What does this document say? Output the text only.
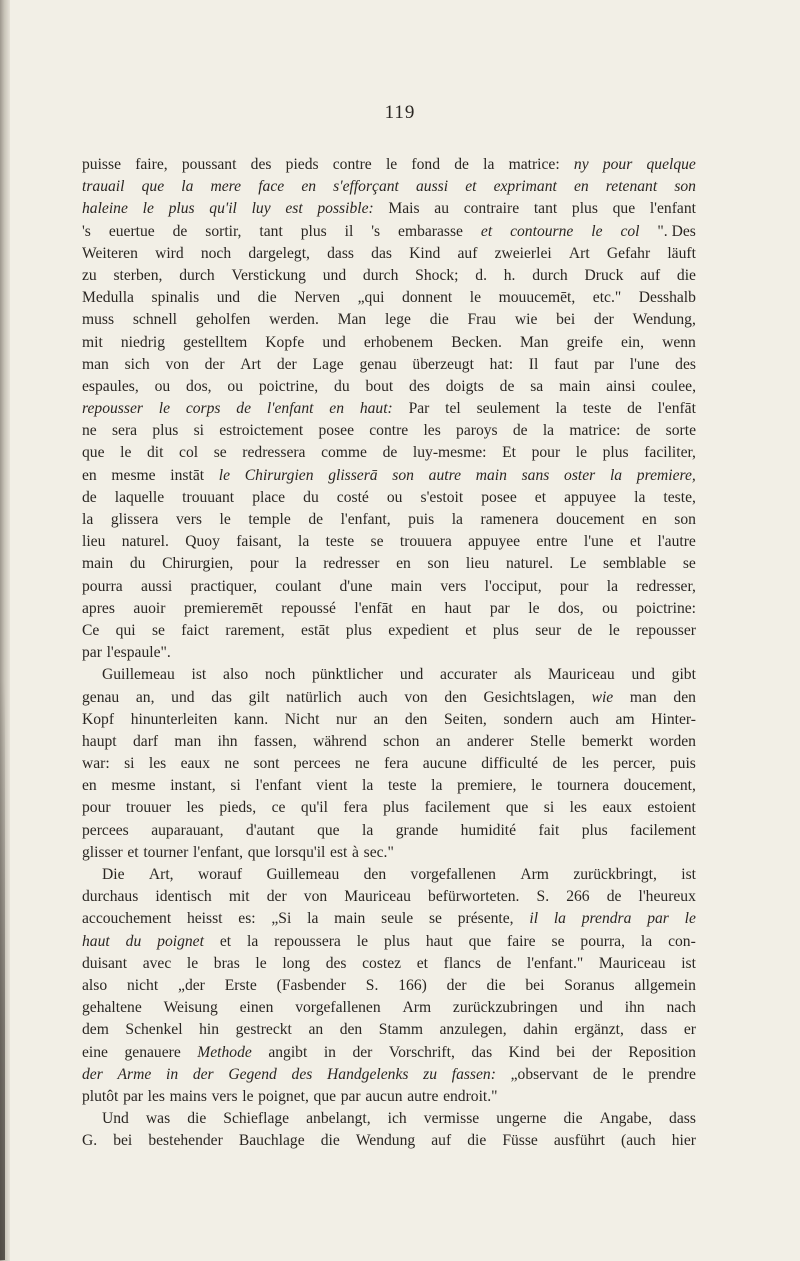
119
puisse faire, poussant des pieds contre le fond de la matrice: ny pour quelque
trauail que la mere face en s'efforçant aussi et exprimant en retenant son
haleine le plus qu'il luy est possible: Mais au contraire tant plus que l'enfant
's euertue de sortir, tant plus il 's embarasse et contourne le col ". Des
Weiteren wird noch dargelegt, dass das Kind auf zweierlei Art Gefahr läuft
zu sterben, durch Verstickung und durch Shock; d. h. durch Druck auf die
Medulla spinalis und die Nerven „qui donnent le mouucemēt, etc." Desshalb
muss schnell geholfen werden. Man lege die Frau wie bei der Wendung,
mit niedrig gestelltem Kopfe und erhobenem Becken. Man greife ein, wenn
man sich von der Art der Lage genau überzeugt hat: Il faut par l'une des
espaules, ou dos, ou poictrine, du bout des doigts de sa main ainsi coulee,
repousser le corps de l'enfant en haut: Par tel seulement la teste de l'enfāt
ne sera plus si estroictement posee contre les paroys de la matrice: de sorte
que le dit col se redressera comme de luy-mesme: Et pour le plus faciliter,
en mesme instāt le Chirurgien glisserā son autre main sans oster la premiere,
de laquelle trouuant place du costé ou s'estoit posee et appuyee la teste,
la glissera vers le temple de l'enfant, puis la ramenera doucement en son
lieu naturel. Quoy faisant, la teste se trouuera appuyee entre l'une et l'autre
main du Chirurgien, pour la redresser en son lieu naturel. Le semblable se
pourra aussi practiquer, coulant d'une main vers l'occiput, pour la redresser,
apres auoir premieremēt repoussé l'enfāt en haut par le dos, ou poictrine:
Ce qui se faict rarement, estāt plus expedient et plus seur de le repousser
par l'espaule".
Guillemeau ist also noch pünktlicher und accurater als Mauriceau und gibt
genau an, und das gilt natürlich auch von den Gesichtslagen, wie man den
Kopf hinunterleiten kann. Nicht nur an den Seiten, sondern auch am Hinter-
haupt darf man ihn fassen, während schon an anderer Stelle bemerkt worden
war: si les eaux ne sont percees ne fera aucune difficulté de les percer, puis
en mesme instant, si l'enfant vient la teste la premiere, le tournera doucement,
pour trouuer les pieds, ce qu'il fera plus facilement que si les eaux estoient
percees auparauant, d'autant que la grande humidité fait plus facilement
glisser et tourner l'enfant, que lorsqu'il est à sec."
Die Art, worauf Guillemeau den vorgefallenen Arm zurückbringt, ist
durchaus identisch mit der von Mauriceau befürworteten. S. 266 de l'heureux
accouchement heisst es: „Si la main seule se présente, il la prendra par le
haut du poignet et la repoussera le plus haut que faire se pourra, la con-
duisant avec le bras le long des costez et flancs de l'enfant." Mauriceau ist
also nicht „der Erste (Fasbender S. 166) der die bei Soranus allgemein
gehaltene Weisung einen vorgefallenen Arm zurückzubringen und ihn nach
dem Schenkel hin gestreckt an den Stamm anzulegen, dahin ergänzt, dass er
eine genauere Methode angibt in der Vorschrift, das Kind bei der Reposition
der Arme in der Gegend des Handgelenks zu fassen: „observant de le prendre
plutôt par les mains vers le poignet, que par aucun autre endroit."
Und was die Schieflage anbelangt, ich vermisse ungerne die Angabe, dass
G. bei bestehender Bauchlage die Wendung auf die Füsse ausführt (auch hier
